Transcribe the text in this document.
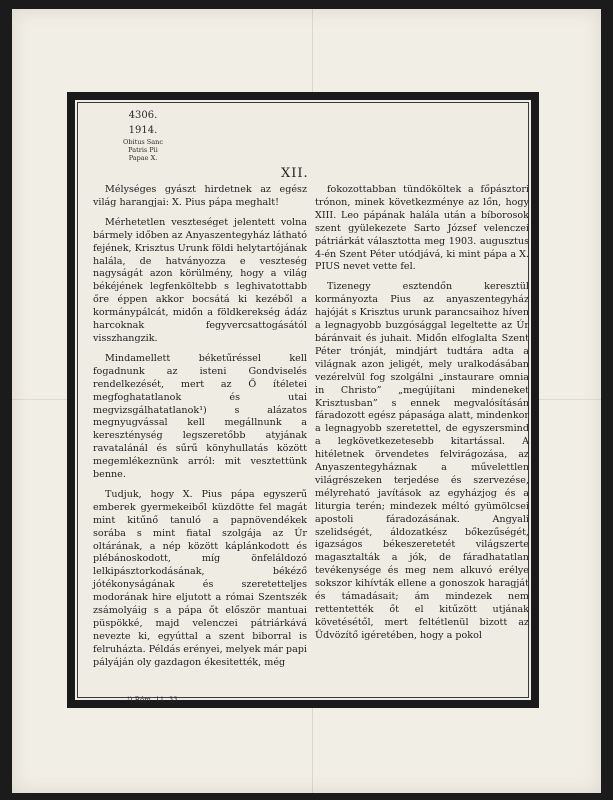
4306.
1914.
Obitus Sanc
Patris Pii
Papae X.
XII.

Mélységes gyászt hirdetnek az egész világ harangjai: X. Pius pápa meghalt!

Mérhetetlen veszteséget jelentett volna bármely időben az Anyaszentegyház látható fejének, Krisztus Urunk földi helytartójának halála, de hatványozza e veszteség nagyságát azon körülmény, hogy a világ békéjének legfenköltebb s leghivatottabb őre éppen akkor bocsátá ki kezéből a kormánypálcát, midőn a földkerekség ádáz harcoknak fegyvercsattogásától visszhangzik.

Mindamellett béketűréssel kell fogadnunk az isteni Gondviselés rendelkezését, mert az Ő ítéletei megfoghatatlanok és utai megvizsgálhatatlanok¹) s alázatos megnyugvással kell megállnunk a kereszténység legszeretőbb atyjának ravatalánál és sűrű könyhullatás között megemlékeznünk arról: mit vesztettünk benne.

Tudjuk, hogy X. Pius pápa egyszerű emberek gyermekeiből küzdötte fel magát mint kitűnő tanuló a papnövendékek sorába s mint fiatal szolgája az Úr oltárának, a nép között káplánkodott és plébánoskodott, míg önfeláldozó lelkipásztorkodásának, békéző jótékonyságának és szeretetteljes modorának hire eljutott a római Szentszék zsámolyáig s a pápa őt először mantuai püspökké, majd velenczei pátriárkává nevezte ki, egyúttal a szent biborral is felruházta. Példás erényei, melyek már papi pályáján oly gazdagon ékesitették, még

fokozottabban tündököltek a főpásztori trónon, minek következménye az lőn, hogy XIII. Leo pápának halála után a bíborosok szent gyülekezete Sarto József velenczei pátriárkát választotta meg 1903. augusztus 4-én Szent Péter utódjává, ki mint pápa a X. PIUS nevet vette fel.

Tizenegy esztendőn keresztül kormányozta Pius az anyaszentegyház hajóját s Krisztus urunk parancsaihoz híven a legnagyobb buzgósággal legeltette az Úr báránvait és juhait. Midőn elfoglalta Szent Péter trónját, mindjárt tudtára adta a világnak azon jeligét, mely uralkodásában vezérelvül fog szolgálni „instaurare omnia in Christo” „megújítani mindeneket Krisztusban” s ennek megvalósításán fáradozott egész pápasága alatt, mindenkor a legnagyobb szeretettel, de egyszersmind a legkövetkezetesebb kitartással. A hitéletnek örvendetes felvirágozása, az Anyaszentegyháznak a művelettlen világrészeken terjedése és szervezése, mélyreható javítások az egyházjog és a liturgia terén; mindezek méltó gyümölcsei apostoli fáradozásának. Angyali szelidségét, áldozatkész bőkezűségét, igazságos békeszeretetét világszerte magasztalták a jók, de fáradhatatlan tevékenysége és meg nem alkuvó erélye sokszor kihívták ellene a gonoszok haragját és támadásait; ám mindezek nem rettentették őt el kitűzött utjának követésétől, mert feltétlenül bizott az Üdvözítő igéretében, hogy a pokol

¹) Róm. 11, 33.
